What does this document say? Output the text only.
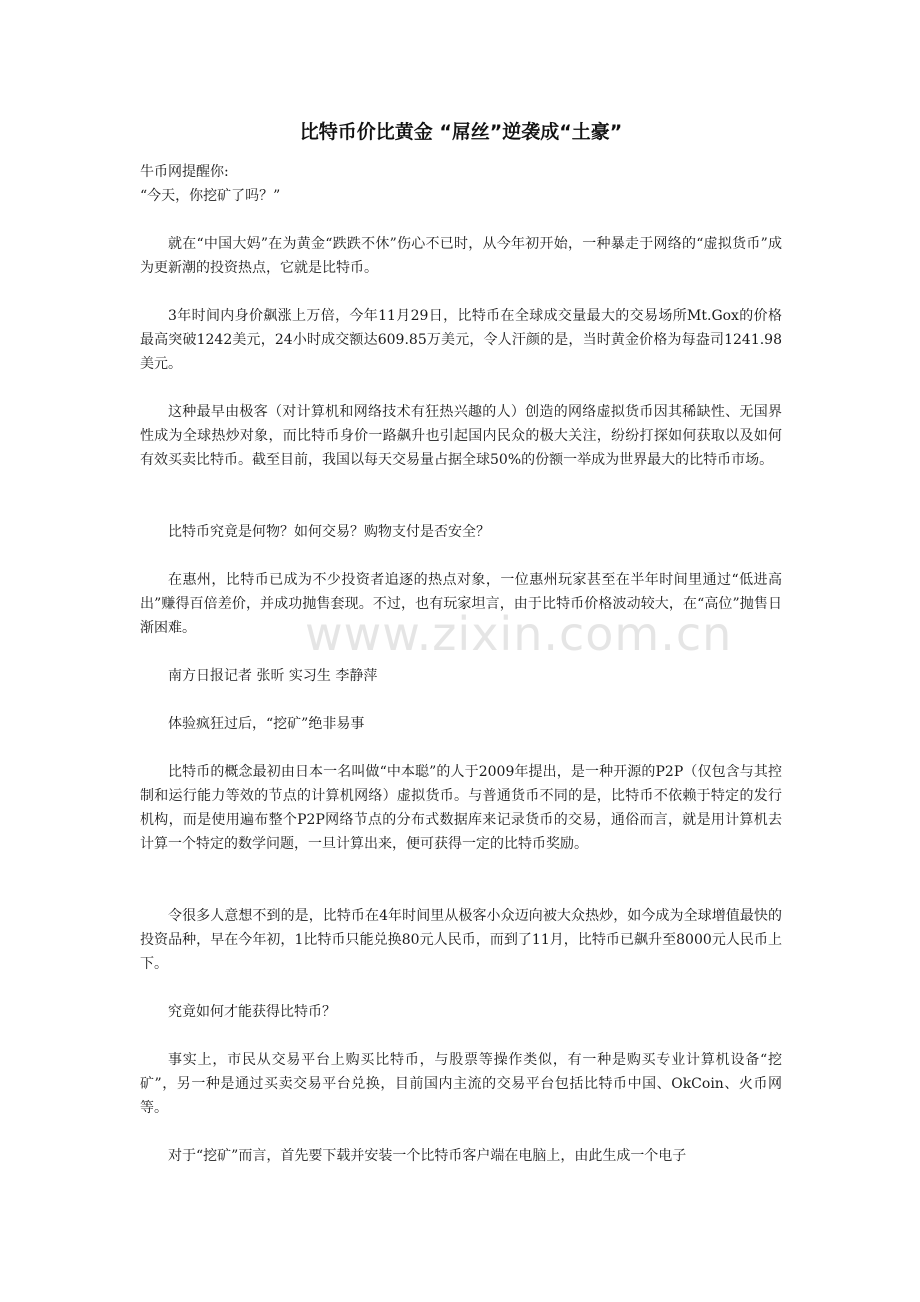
比特币价比黄金 “屌丝”逆袭成“土豪”

牛币网提醒你:

“今天，你挖矿了吗？”

就在“中国大妈”在为黄金“跌跌不休”伤心不已时，从今年初开始，一种暴走于网络的“虚拟货币”成为更新潮的投资热点，它就是比特币。

3年时间内身价飙涨上万倍，今年11月29日，比特币在全球成交量最大的交易场所Mt.Gox的价格最高突破1242美元，24小时成交额达609.85万美元，令人汗颜的是，当时黄金价格为每盎司1241.98美元。

这种最早由极客（对计算机和网络技术有狂热兴趣的人）创造的网络虚拟货币因其稀缺性、无国界性成为全球热炒对象，而比特币身价一路飙升也引起国内民众的极大关注，纷纷打探如何获取以及如何有效买卖比特币。截至目前，我国以每天交易量占据全球50%的份额一举成为世界最大的比特币市场。

比特币究竟是何物？如何交易？购物支付是否安全？

在惠州，比特币已成为不少投资者追逐的热点对象，一位惠州玩家甚至在半年时间里通过“低进高出”赚得百倍差价，并成功抛售套现。不过，也有玩家坦言，由于比特币价格波动较大，在“高位”抛售日渐困难。

南方日报记者 张昕 实习生 李静萍

体验疯狂过后，“挖矿”绝非易事

比特币的概念最初由日本一名叫做“中本聪”的人于2009年提出，是一种开源的P2P（仅包含与其控制和运行能力等效的节点的计算机网络）虚拟货币。与普通货币不同的是，比特币不依赖于特定的发行机构，而是使用遍布整个P2P网络节点的分布式数据库来记录货币的交易，通俗而言，就是用计算机去计算一个特定的数学问题，一旦计算出来，便可获得一定的比特币奖励。

令很多人意想不到的是，比特币在4年时间里从极客小众迈向被大众热炒，如今成为全球增值最快的投资品种，早在今年初，1比特币只能兑换80元人民币，而到了11月，比特币已飙升至8000元人民币上下。

究竟如何才能获得比特币？

事实上，市民从交易平台上购买比特币，与股票等操作类似，有一种是购买专业计算机设备“挖矿”，另一种是通过买卖交易平台兑换，目前国内主流的交易平台包括比特币中国、OkCoin、火币网等。

对于“挖矿”而言，首先要下载并安装一个比特币客户端在电脑上，由此生成一个电子

www.zixin.com.cn
